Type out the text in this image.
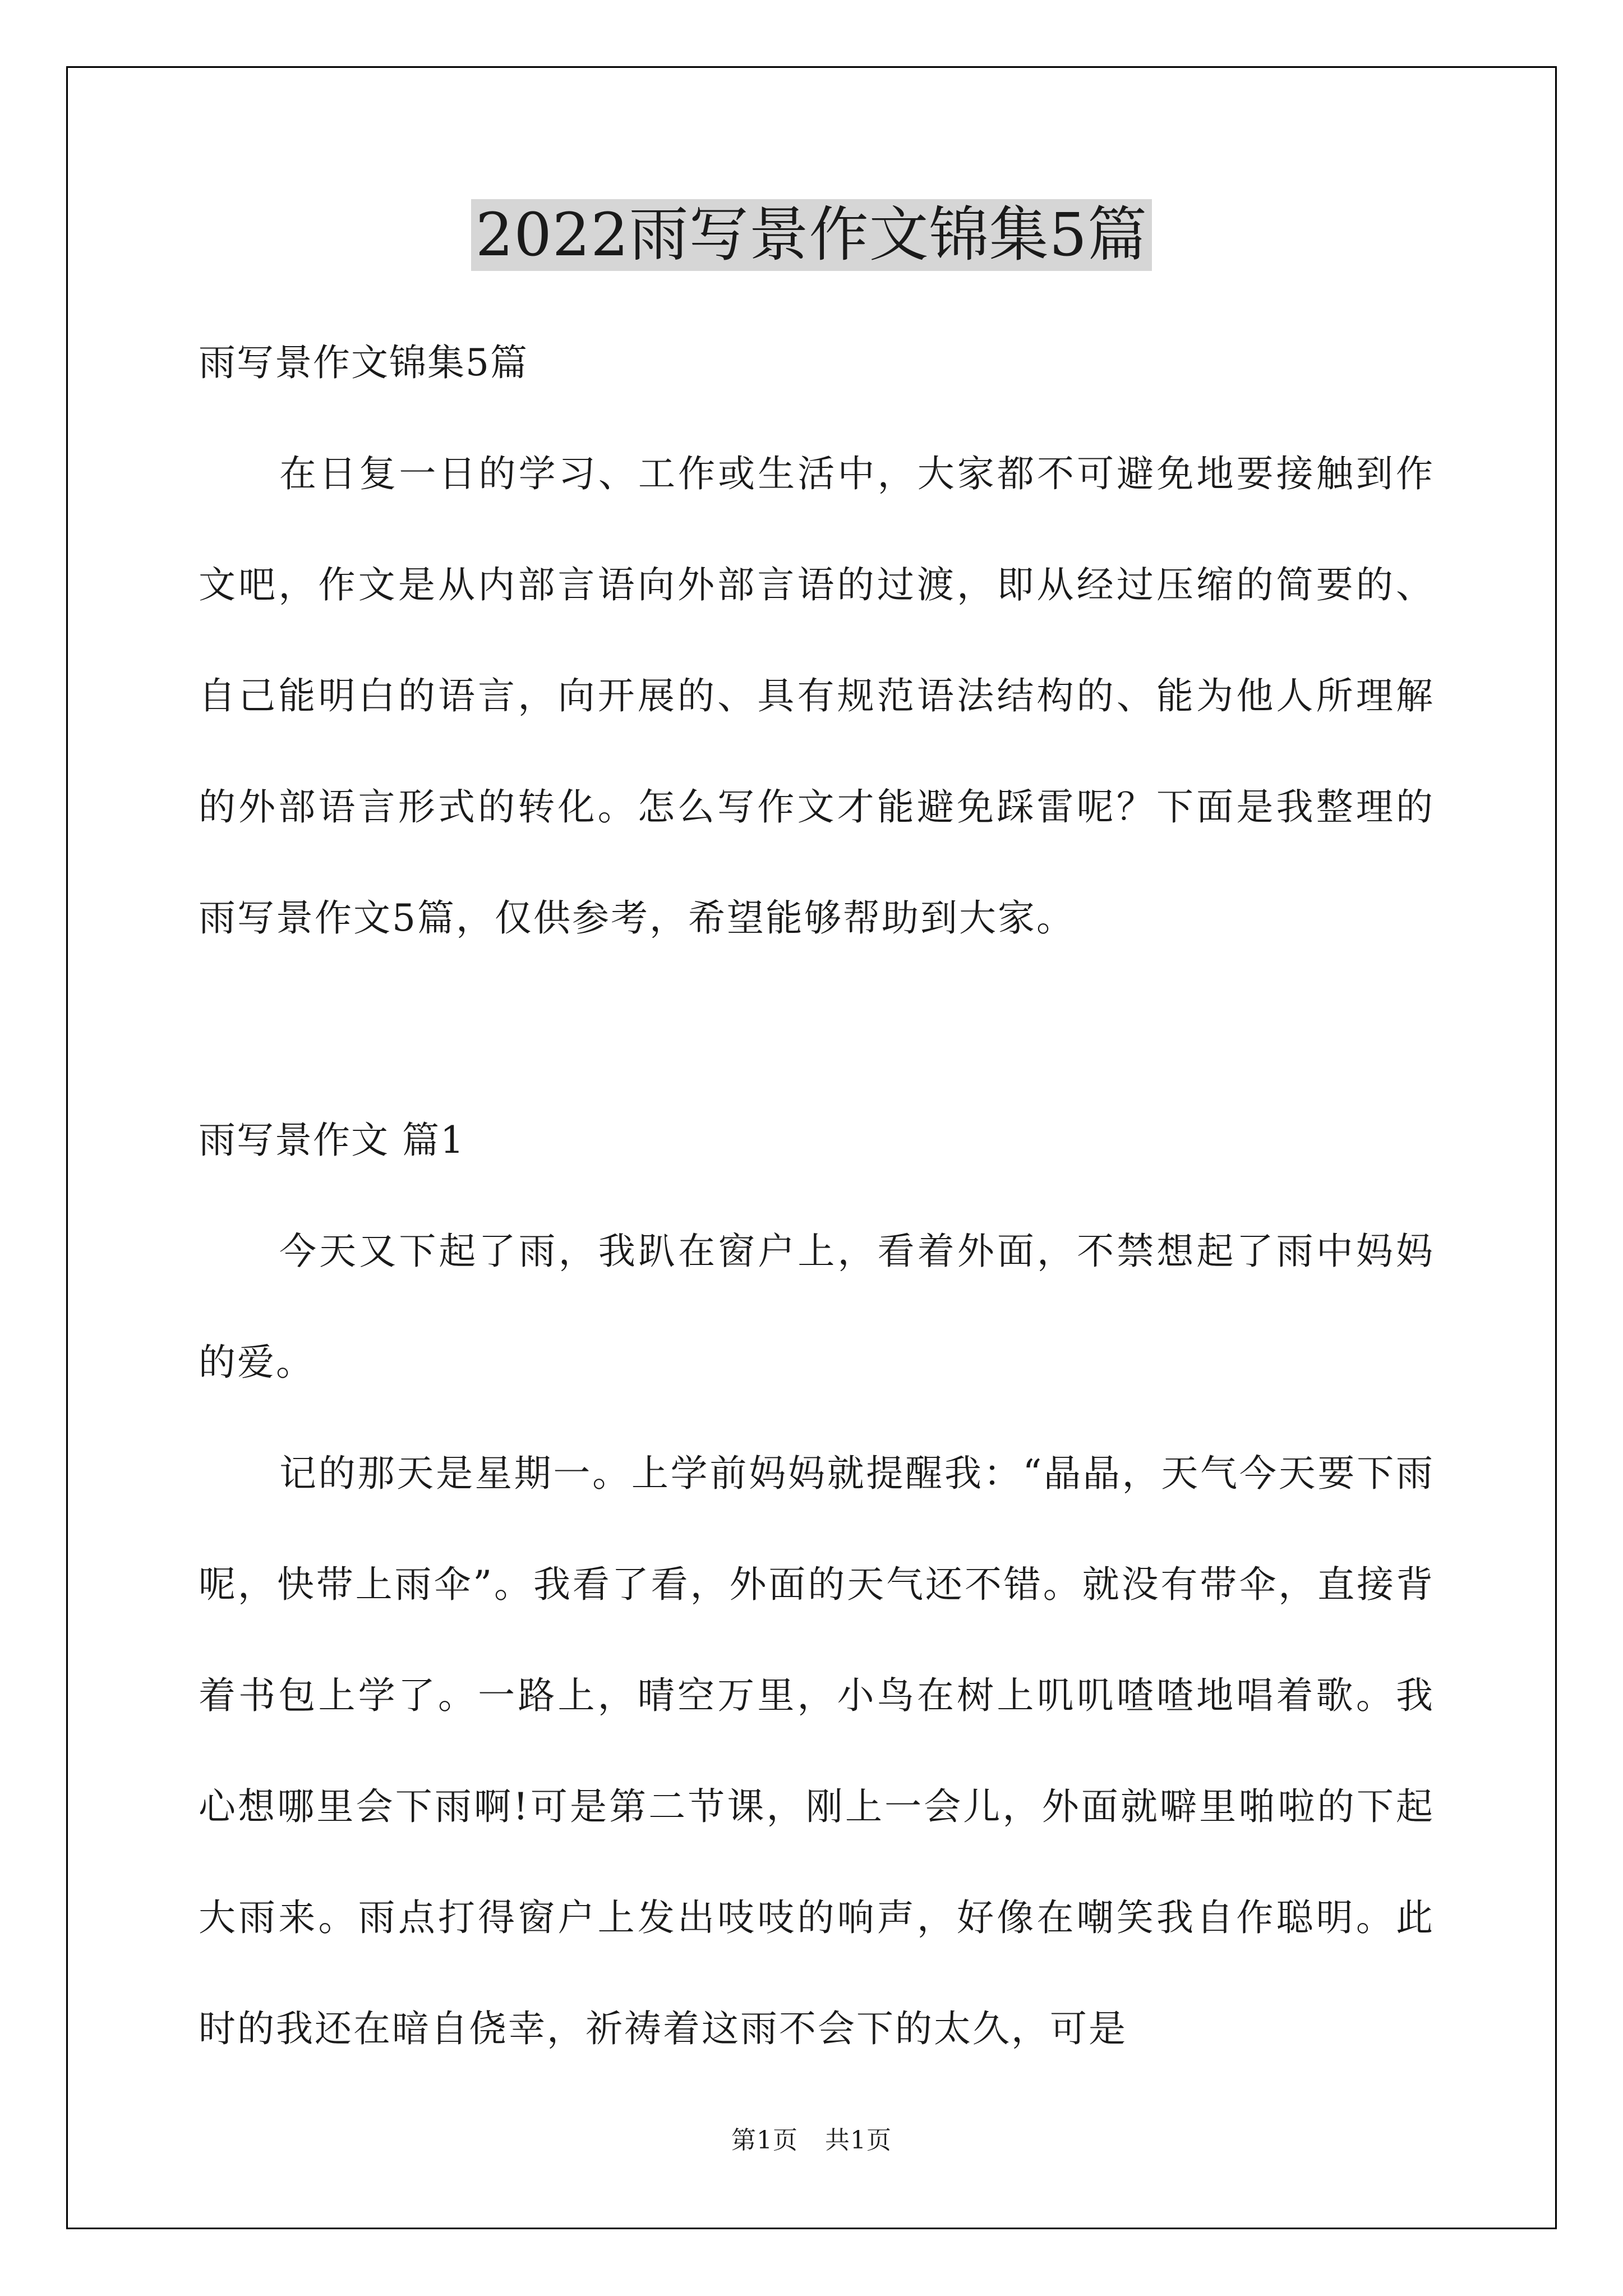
2022雨写景作文锦集5篇

雨写景作文锦集5篇

在日复一日的学习、工作或生活中，大家都不可避免地要接触到作文吧，作文是从内部言语向外部言语的过渡，即从经过压缩的简要的、自己能明白的语言，向开展的、具有规范语法结构的、能为他人所理解的外部语言形式的转化。怎么写作文才能避免踩雷呢？下面是我整理的雨写景作文5篇，仅供参考，希望能够帮助到大家。

雨写景作文 篇1

今天又下起了雨，我趴在窗户上，看着外面，不禁想起了雨中妈妈的爱。

记的那天是星期一。上学前妈妈就提醒我：“晶晶，天气今天要下雨呢，快带上雨伞”。我看了看，外面的天气还不错。就没有带伞，直接背着书包上学了。一路上，晴空万里，小鸟在树上叽叽喳喳地唱着歌。我心想哪里会下雨啊!可是第二节课，刚上一会儿，外面就噼里啪啦的下起大雨来。雨点打得窗户上发出吱吱的响声，好像在嘲笑我自作聪明。此时的我还在暗自侥幸，祈祷着这雨不会下的太久，可是

第1页 共1页
